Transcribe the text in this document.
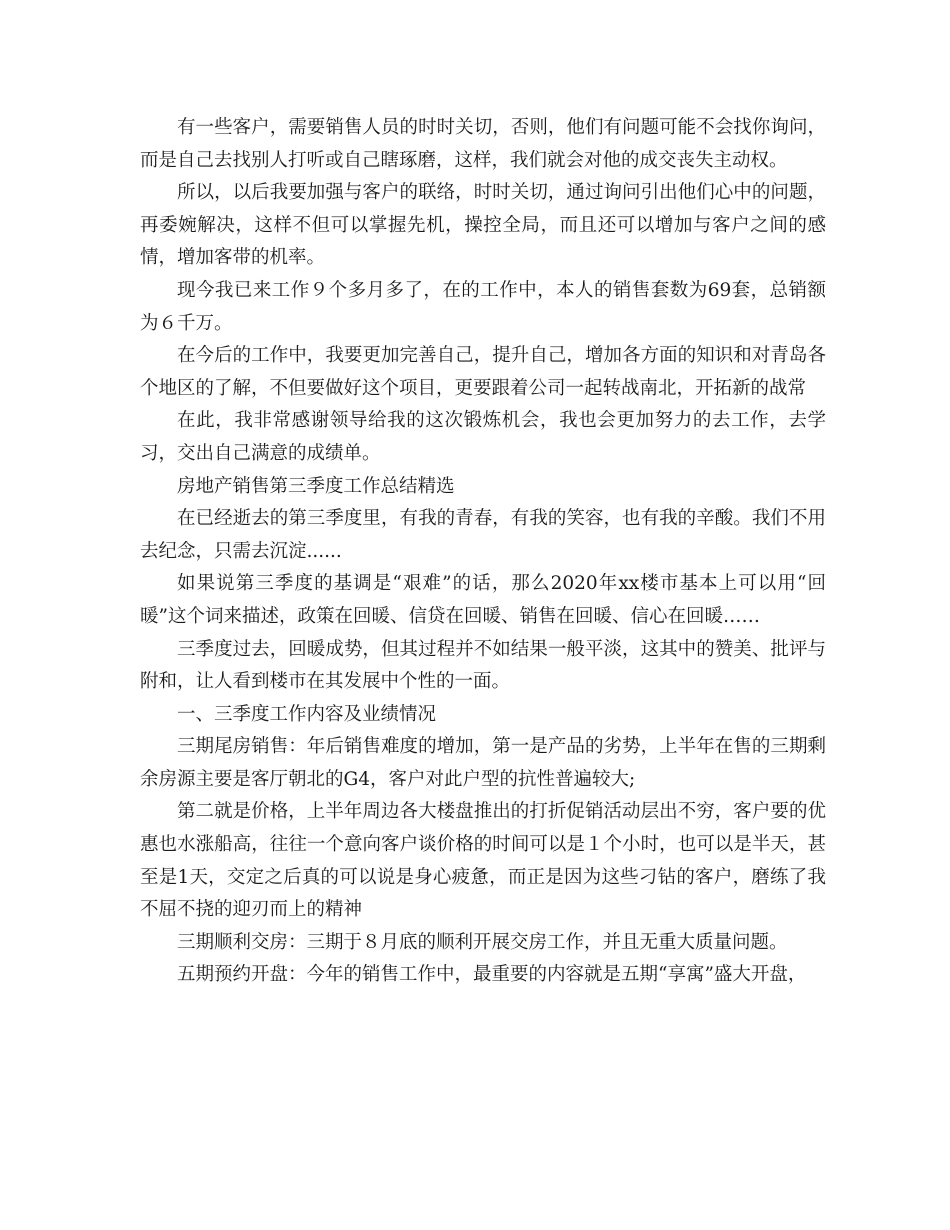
有一些客户，需要销售人员的时时关切，否则，他们有问题可能不会找你询问，而是自己去找别人打听或自己瞎琢磨，这样，我们就会对他的成交丧失主动权。

所以，以后我要加强与客户的联络，时时关切，通过询问引出他们心中的问题，再委婉解决，这样不但可以掌握先机，操控全局，而且还可以增加与客户之间的感情，增加客带的机率。

现今我已来工作９个多月多了，在的工作中，本人的销售套数为69套，总销额为６千万。

在今后的工作中，我要更加完善自己，提升自己，增加各方面的知识和对青岛各个地区的了解，不但要做好这个项目，更要跟着公司一起转战南北，开拓新的战常

在此，我非常感谢领导给我的这次锻炼机会，我也会更加努力的去工作，去学习，交出自己满意的成绩单。

房地产销售第三季度工作总结精选

在已经逝去的第三季度里，有我的青春，有我的笑容，也有我的辛酸。我们不用去纪念，只需去沉淀......

如果说第三季度的基调是“艰难”的话，那么2020年xx楼市基本上可以用“回暖”这个词来描述，政策在回暖、信贷在回暖、销售在回暖、信心在回暖……

三季度过去，回暖成势，但其过程并不如结果一般平淡，这其中的赞美、批评与附和，让人看到楼市在其发展中个性的一面。

一、三季度工作内容及业绩情况

三期尾房销售：年后销售难度的增加，第一是产品的劣势，上半年在售的三期剩余房源主要是客厅朝北的G4，客户对此户型的抗性普遍较大;

第二就是价格，上半年周边各大楼盘推出的打折促销活动层出不穷，客户要的优惠也水涨船高，往往一个意向客户谈价格的时间可以是１个小时，也可以是半天，甚至是1天，交定之后真的可以说是身心疲惫，而正是因为这些刁钻的客户，磨练了我不屈不挠的迎刃而上的精神

三期顺利交房：三期于８月底的顺利开展交房工作，并且无重大质量问题。

五期预约开盘：今年的销售工作中，最重要的内容就是五期“享寓”盛大开盘，
